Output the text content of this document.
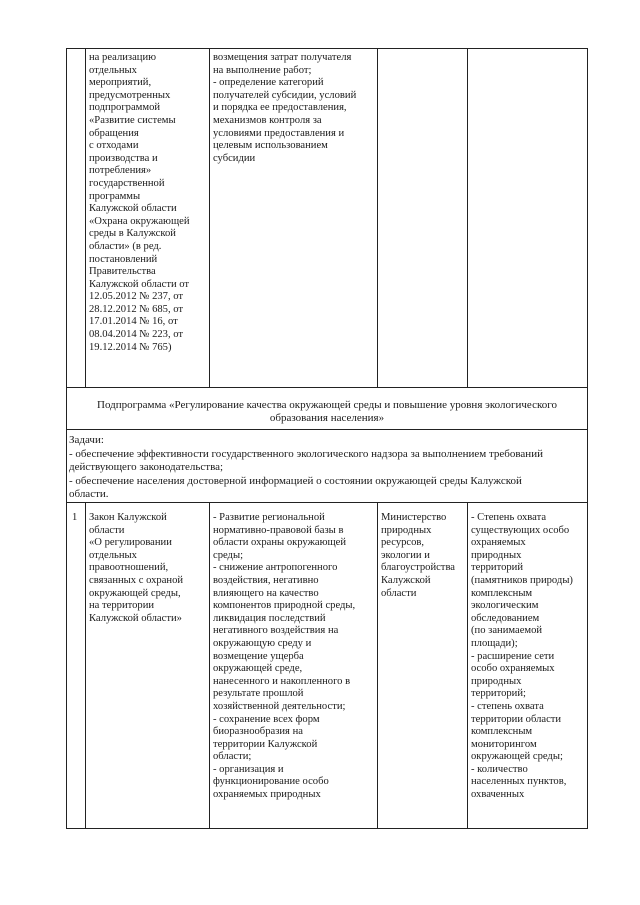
на реализацию
отдельных
мероприятий,
предусмотренных
подпрограммой
«Развитие системы
обращения
с отходами
производства и
потребления»
государственной
программы
Калужской области
«Охрана окружающей
среды в Калужской
области» (в ред.
постановлений
Правительства
Калужской области от
12.05.2012 № 237, от
28.12.2012 № 685, от
17.01.2014 № 16, от
08.04.2014 № 223, от
19.12.2014 № 765)
возмещения затрат получателя
на выполнение работ;
- определение категорий
получателей субсидии, условий
и порядка ее предоставления,
механизмов контроля за
условиями предоставления и
целевым использованием
субсидии
Подпрограмма «Регулирование качества окружающей среды и повышение уровня экологического
образования населения»
Задачи:
- обеспечение эффективности государственного экологического надзора за выполнением требований
действующего законодательства;
- обеспечение населения достоверной информацией о состоянии окружающей среды Калужской
области.
1	Закон Калужской
области
«О регулировании
отдельных
правоотношений,
связанных с охраной
окружающей среды,
на территории
Калужской области»
- Развитие региональной
нормативно-правовой базы в
области охраны окружающей
среды;
- снижение антропогенного
воздействия, негативно
влияющего на качество
компонентов природной среды,
ликвидация последствий
негативного воздействия на
окружающую среду и
возмещение ущерба
окружающей среде,
нанесенного и накопленного в
результате прошлой
хозяйственной деятельности;
- сохранение всех форм
биоразнообразия на
территории Калужской
области;
- организация и
функционирование особо
охраняемых природных
Министерство
природных
ресурсов,
экологии и
благоустройства
Калужской
области
- Степень охвата
существующих особо
охраняемых
природных
территорий
(памятников природы)
комплексным
экологическим
обследованием
(по занимаемой
площади);
- расширение сети
особо охраняемых
природных
территорий;
- степень охвата
территории области
комплексным
мониторингом
окружающей среды;
- количество
населенных пунктов,
охваченных
